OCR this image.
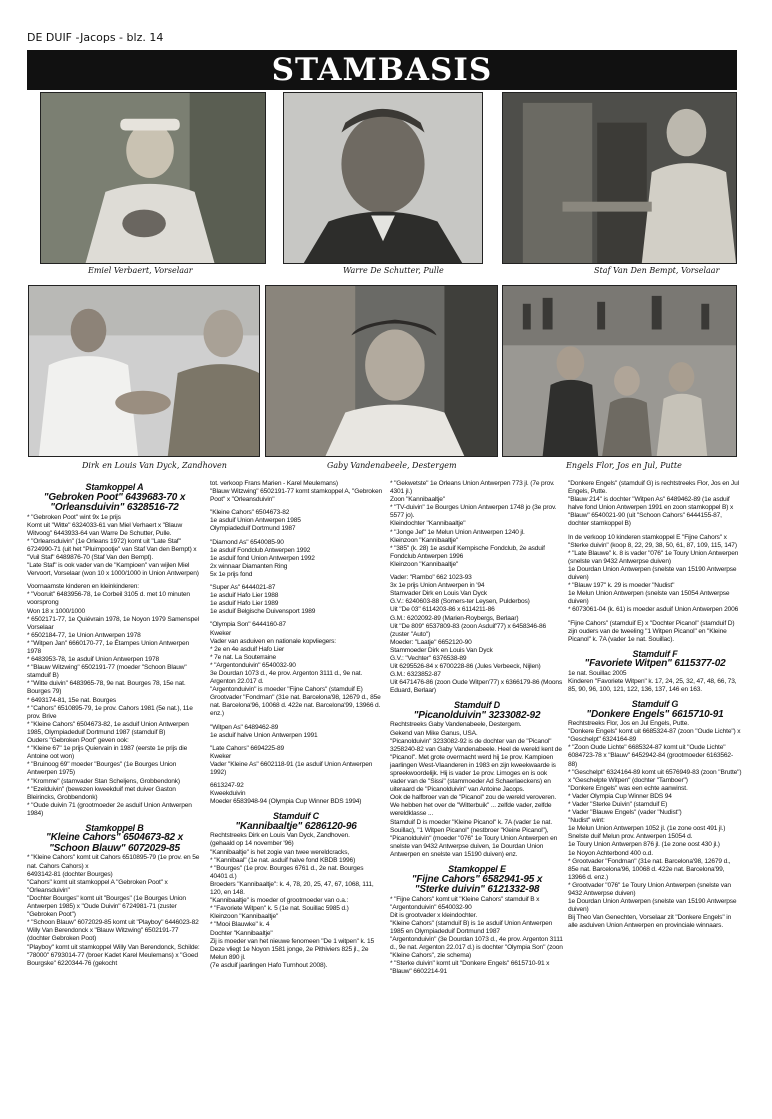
DE DUIF -Jacops - blz. 14
STAMBASIS
Emiel Verbaert, Vorselaar	Warre De Schutter, Pulle	Staf Van Den Bempt, Vorselaar
Dirk en Louis Van Dyck, Zandhoven	Gaby Vandenabeele, Destergem	Engels Flor, Jos en Jul, Putte
Stamkoppel A
"Gebroken Poot" 6439683-70 x
"Orleansduivin" 6328516-72
* "Gebroken Poot" wint 9x 1e prijs
Komt uit "Witte" 6324033-61 van Miel Verhaert x "Blauw Witvoog" 6443933-64 van Warre De Schutter, Pulle.
* "Orleansduivin" (1e Orleans 1972) komt uit "Late Staf" 6724990-71 (uit het "Pluimpootje" van Staf Van den Bempt) x "Vuil Staf" 6489876-70 (Staf Van den Bempt).
"Late Staf" is ook vader van de "Kampioen" van wijlen Miel Vervoort, Vorselaar (won 10 x 1000/1000 in Union Antwerpen)
Voornaamste kinderen en kleinkinderen:
* "Vooruit" 6483956-78, 1e Corbeil 3105 d. met 10 minuten voorsprong
Won 18 x 1000/1000
* 6502171-77, 1e Quiévrain 1978, 1e Noyon 1979 Samenspel Vorselaar
* 6502184-77, 1e Union Antwerpen 1978
* "Witpen Jan" 6660170-77, 1e Étampes Union Antwerpen 1978
* 6483953-78, 1e asduif Union Antwerpen 1978
* "Blauw Witzwing" 6502191-77 (moeder "Schoon Blauw" stamduif B)
* "Witte duivin" 6483965-78, 9e nat. Bourges 78, 15e nat. Bourges 79)
* 6493174-81, 15e nat. Bourges
* "Cahors" 6510895-79, 1e prov. Cahors 1981 (5e nat.), 11e prov. Brive
* "Kleine Cahors" 6504673-82, 1e asduif Union Antwerpen 1985, Olympiadeduif Dortmund 1987 (stamduif B)
Ouders "Gebroken Poot" geven ook:
* "Kleine 67" 1e prijs Quiervain in 1987 (eerste 1e prijs die Antoine oot won)
* "Bruinoog 69" moeder "Bourges" (1e Bourges Union Antwerpen 1975)
* "Kromme" (stamvader Stan Scheljens, Grobbendonk)
* "Ezelduivin" (bewezen kweekduif met duiver Gaston Bleirincks, Grobbendonk)
* "Oude duivin 71 (grootmoeder 2e asduif Union Antwerpen 1984)
Stamkoppel B
"Kleine Cahors" 6504673-82 x
"Schoon Blauw" 6072029-85
* "Kleine Cahors" komt uit Cahors 6510895-79 (1e prov. en 5e nat. Cahors Cahors) x
6493142-81 (dochter Bourges)
"Cahors" komt uit stamkoppel A "Gebroken Poot" x "Orleansduivin"
"Dochter Bourges" komt uit "Bourges" (1e Bourges Union Antwerpen 1985) x "Oude Duivin" 6724981-71 (zuster "Gebroken Poot")
* "Schoon Blauw" 6072029-85 komt uit "Playboy" 6446023-82 Willy Van Berendonck x "Blauw Witzwing" 6502191-77 (dochter Gebroken Poot)
"Playboy" komt uit stamkoppel Willy Van Berendonck, Schilde: "78000" 6793014-77 (broer Kadet Karel Meulemans) x "Goed Bourgske" 6220344-76 (gekocht
tot. verkoop Frans Marien - Karel Meulemans)
"Blauw Witzwing" 6502191-77 komt stamkoppel A, "Gebroken Poot" x "Orleansduivin"
"Kleine Cahors" 6504673-82
1e asduif Union Antwerpen 1985
Olympiadeduif Dortmund 1987
"Diamond As" 6540085-90
1e asduif Fondclub Antwerpen 1992
1e asduif fond Union Antwerpen 1992
2x winnaar Diamanten Ring
5x 1e prijs fond
"Super As" 6444021-87
1e asduif Hafo Lier 1988
1e asduif Hafo Lier 1989
1e asduif Belgische Duivensport 1989
"Olympia Son" 6444160-87
Kweker
Vader van asduiven en nationale kopvliegers:
* 2e en 4e asduif Hafo Lier
* 7e nat. La Souterraine
* "Argentonduivin" 6540032-90
3e Dourdan 1073 d., 4e prov. Argenton 3111 d., 9e nat. Argenton 22.017 d.
"Argentonduivin" is moeder "Fijne Cahors" (stamduif E)
Grootvader "Fondman" (31e nat. Barcelona'98, 12679 d., 85e nat. Barcelona'96, 10068 d. 422e nat. Barcelona'99, 13966 d. enz.)
"Witpen As" 6489462-89
1e asduif halve Union Antwerpen 1991
"Late Cahors" 6694225-89
Kweker
Vader "Kleine As" 6602118-91 (1e asduif Union Antwerpen 1992)
6613247-92
Kweekduivin
Moeder 6583948-94 (Olympia Cup Winner BDS 1994)
Stamduif C
"Kannibaaltje" 6286120-96
Rechtstreeks Dirk en Louis Van Dyck, Zandhoven.
(gehaald op 14 november '96)
"Kannibaaltje" is het zogie van twee wereldcracks,
* "Kannibaal" (1e nat. asduif halve fond KBDB 1996)
* "Bourges" (1e prov. Bourges 6761 d., 2e nat. Bourges 40401 d.)
Broeders "Kannibaaltje": k. 4, 78, 20, 25, 47, 67, 1068, 111, 120, en 148.
"Kannibaaltje" is moeder of grootmoeder van o.a.:
* "Favoriete Witpen" k. 5 (1e nat. Souillac 5985 d.)
Kleinzoon "Kannibaaltje"
* "Mooi Blauwke" k. 4
Dochter "Kannibaaltje"
Zij is moeder van het nieuwe fenomeen "De 1 witpen" k. 15
Deze vliegt 1e Noyon 1581 jonge, 2e Pithiviers 825 jl., 2e Melun 890 jl.
(7e asduif jaarlingen Hafo Turnhout 2008).
* "Gekwetste" 1e Orleans Union Antwerpen 773 jl. (7e prov. 4301 jl.)
Zoon "Kannibaaltje"
* "TV-duivin" 1e Bourges Union Antwerpen 1748 jo (3e prov. 5577 jo).
Kleindochter "Kannibaaltje"
* "Jonge Jef" 1e Melun Union Antwerpen 1240 jl.
Kleinzoon "Kannibaaltje"
* "385" (k. 28) 1e asduif Kempische Fondclub, 2e asduif Fondclub Antwerpen 1996
Kleinzoon "Kannibaaltje"
Vader: "Rambo" 662 1023-93
3x 1e prijs Union Antwerpen in '94
Stamvader Dirk en Louis Van Dyck
G.V.: 6240603-88 (Somers-ter Leysen, Pulderbos)
Uit "De 03" 6114203-86 x 6114211-86
G.M.: 6202092-89 (Marien-Roybergs, Berlaar)
Uit "De 809" 6537809-83 (zoon Asduif'77) x 6458346-86 (zuster "Auto")
Moeder: "Laatje" 6652120-90
Stammoeder Dirk en Louis Van Dyck
G.V.: "Vechter" 6376538-89
Uit 6295526-84 x 6700228-86 (Jules Verbeeck, Nijlen)
G.M.: 6323852-87
Uit 6471476-86 (zoon Oude Witpen'77) x 6366179-86 (Moons Eduard, Berlaar)
Stamduif D
"Picanolduivin" 3233082-92
Rechtstreeks Gaby Vandenabeele, Destergem.
Gekend van Mike Ganus, USA.
"Picanolduivin" 3233082-92 is de dochter van de "Picanol" 3258240-82 van Gaby Vandenabeele. Heel de wereld kent de "Picanol". Met grote overmacht werd hij 1e prov. Kampioen jaarlingen West-Vlaanderen in 1983 en zijn kweekwaarde is spreekwoordelijk. Hij is vader 1e prov. Limoges en is ook vader van de "Sissi" (stammoeder Ad Schaerlaeckens) en uiteraard de "Picanolduivin" van Antoine Jacops.
Ook de halfbroer van de "Picanol" zou de wereld veroveren. We hebben het over de "Witterbuik" ... zelfde vader, zelfde wereldklasse ...
Stamduif D is moeder "Kleine Picanol" k. 7A (vader 1e nat. Souillac), "1 Witpen Picanol" (nestbroer "Kleine Picanol"), "Picanolduivin" (moeder "076" 1e Toury Union Antwerpen en snelste van 9432 Antwerpse duiven, 1e Dourdan Union Antwerpen en snelste van 15190 duiven) enz.
Stamkoppel E
"Fijne Cahors" 6582941-95 x
"Sterke duivin" 6121332-98
* "Fijne Cahors" komt uit "Kleine Cahors" stamduif B x "Argentonduivin" 6540032-90
Dit is grootvader x kleindochter.
"Kleine Cahors" (stamduif B) is 1e asduif Union Antwerpen 1985 en Olympiadeduif Dortmund 1987
"Argentonduivin" (3e Dourdan 1073 d., 4e prov. Argenton 3111 d., 9e nat. Argenton 22.017 d.) is dochter "Olympia Son" (zoon "Kleine Cahors", zie schema)
* "Sterke duivin" komt uit "Donkere Engels" 6615710-91 x "Blauw" 6602214-91
"Donkere Engels" (stamduif G) is rechtstreeks Flor, Jos en Jul Engels, Putte.
"Blauw 214" is dochter "Witpen As" 6489462-89 (1e asduif halve fond Union Antwerpen 1991 en zoon stamkoppel B) x "Blauw" 6540021-90 (uit "Schoon Cahors" 6444155-87, dochter stamkoppel B)
In de verkoop 10 kinderen stamkoppel E "Fijne Cahors" x "Sterke duivin" (koop 8, 22, 29, 38, 50, 61, 87, 109, 115, 147)
* "Late Blauwe" k. 8 is vader "076" 1e Toury Union Antwerpen (snelste van 9432 Antwerpse duiven)
1e Dourdan Union Antwerpen (snelste van 15190 Antwerpse duiven)
* "Blauw 197" k. 29 is moeder "Nudist"
1e Melun Union Antwerpen (snelste van 15054 Antwerpse duiven)
* 6073061-04 (k. 61) is moeder asduif Union Antwerpen 2006
"Fijne Cahors" (stamduif E) x "Dochter Picanol" (stamduif D) zijn ouders van de tweeling "1 Witpen Picanol" en "Kleine Picanol" k. 7A (vader 1e nat. Souillac).
Stamduif F
"Favoriete Witpen" 6115377-02
1e nat. Souillac 2005
Kinderen "Favoriete Witpen" k. 17, 24, 25, 32, 47, 48, 66, 73, 85, 90, 96, 100, 121, 122, 136, 137, 146 en 163.
Stamduif G
"Donkere Engels" 6615710-91
Rechtstreeks Flor, Jos en Jul Engels, Putte.
"Donkere Engels" komt uit 6685324-87 (zoon "Oude Lichte") x "Geschelpt" 6324164-89
* "Zoon Oude Lichte" 6685324-87 komt uit "Oude Lichte" 6084723-78 x "Blauw" 6452942-84 (grootmoeder 6163562-88)
* "Geschelpt" 6324164-89 komt uit 6576949-83 (zoon "Brutte") x "Geschelpte Witpen" (dochter "Tamboer")
"Donkere Engels" was een echte aanwinst.
* Vader Olympia Cup Winner BDS 94
* Vader "Sterke Duivin" (stamduif E)
* Vader "Blauwe Engels" (vader "Nudist")
"Nudist" wint:
1e Melun Union Antwerpen 1052 jl. (1e zone oost 491 jl.)
Snelste duif Melun prov. Antwerpen 15054 d.
1e Toury Union Antwerpen 876 jl. (1e zone oost 430 jl.)
1e Noyon Achterbond 400 o.d.
* Grootvader "Fondman" (31e nat. Barcelona'98, 12679 d., 85e nat. Barcelona'96, 10068 d. 422e nat. Barcelona'99, 13966 d. enz.)
* Grootvader "076" 1e Toury Union Antwerpen (snelste van 9432 Antwerpse duiven)
1e Dourdan Union Antwerpen (snelste van 15190 Antwerpse duiven)
Bij Theo Van Genechten, Vorselaar zit "Donkere Engels" in alle asduiven Union Antwerpen en provinciale winnaars.
